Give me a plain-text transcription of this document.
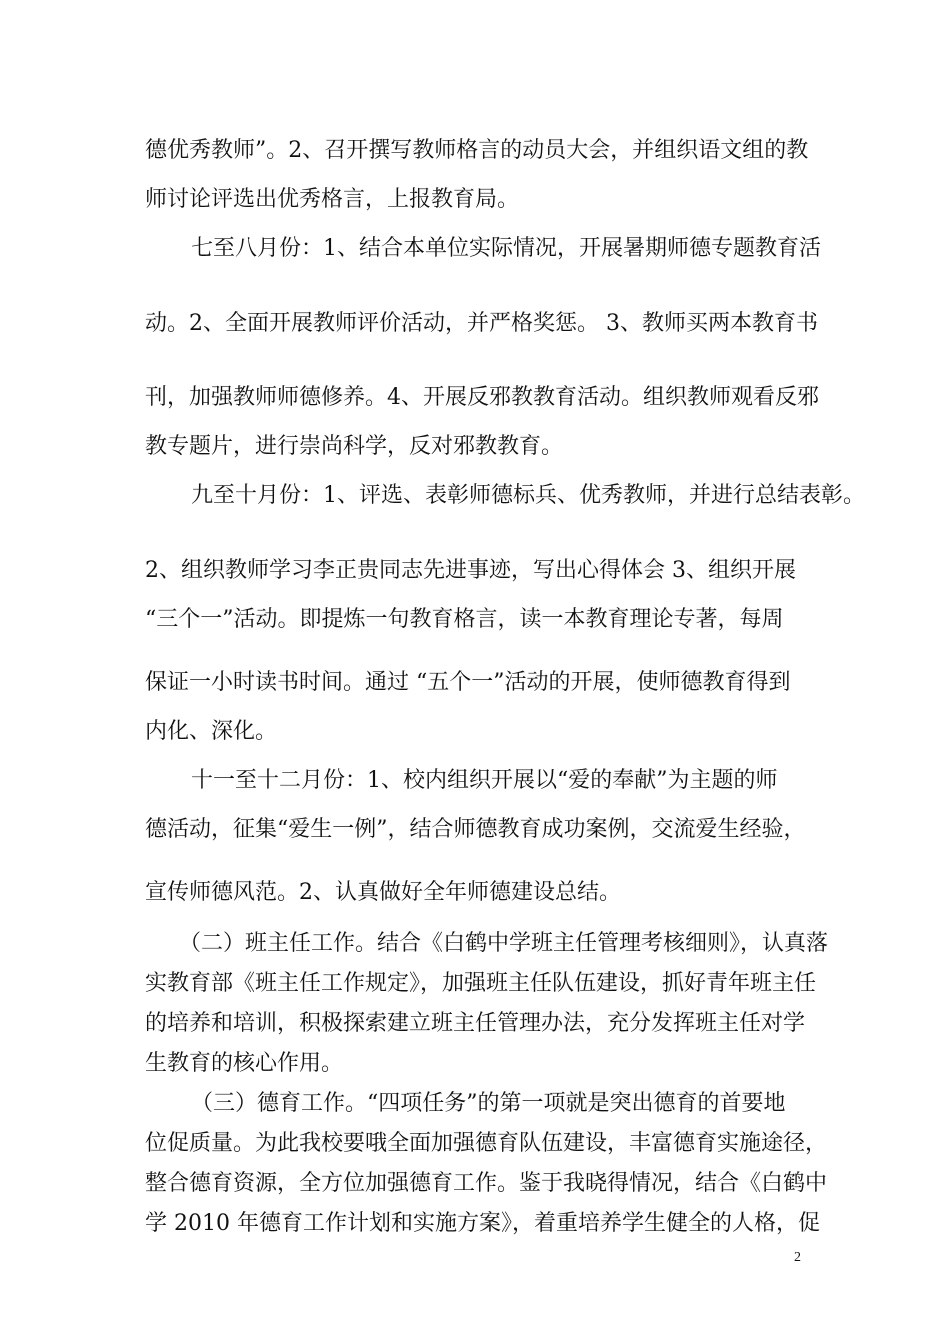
德优秀教师”。2、召开撰写教师格言的动员大会，并组织语文组的教
师讨论评选出优秀格言，上报教育局。
七至八月份：1、结合本单位实际情况，开展暑期师德专题教育活
动。2、全面开展教师评价活动，并严格奖惩。 3、教师买两本教育书
刊，加强教师师德修养。4、开展反邪教教育活动。组织教师观看反邪
教专题片，进行崇尚科学，反对邪教教育。
九至十月份：1、评选、表彰师德标兵、优秀教师，并进行总结表彰。
2、组织教师学习李正贵同志先进事迹，写出心得体会 3、组织开展
“三个一”活动。即提炼一句教育格言，读一本教育理论专著，每周
保证一小时读书时间。通过 “五个一”活动的开展，使师德教育得到
内化、深化。
十一至十二月份：1、校内组织开展以“爱的奉献”为主题的师
德活动，征集“爱生一例”，结合师德教育成功案例，交流爱生经验，
宣传师德风范。2、认真做好全年师德建设总结。
（二）班主任工作。结合《白鹤中学班主任管理考核细则》，认真落
实教育部《班主任工作规定》，加强班主任队伍建设，抓好青年班主任
的培养和培训，积极探索建立班主任管理办法，充分发挥班主任对学
生教育的核心作用。
（三）德育工作。“四项任务”的第一项就是突出德育的首要地
位促质量。为此我校要哦全面加强德育队伍建设，丰富德育实施途径，
整合德育资源，全方位加强德育工作。鉴于我晓得情况，结合《白鹤中
学 2010 年德育工作计划和实施方案》，着重培养学生健全的人格，促
2
